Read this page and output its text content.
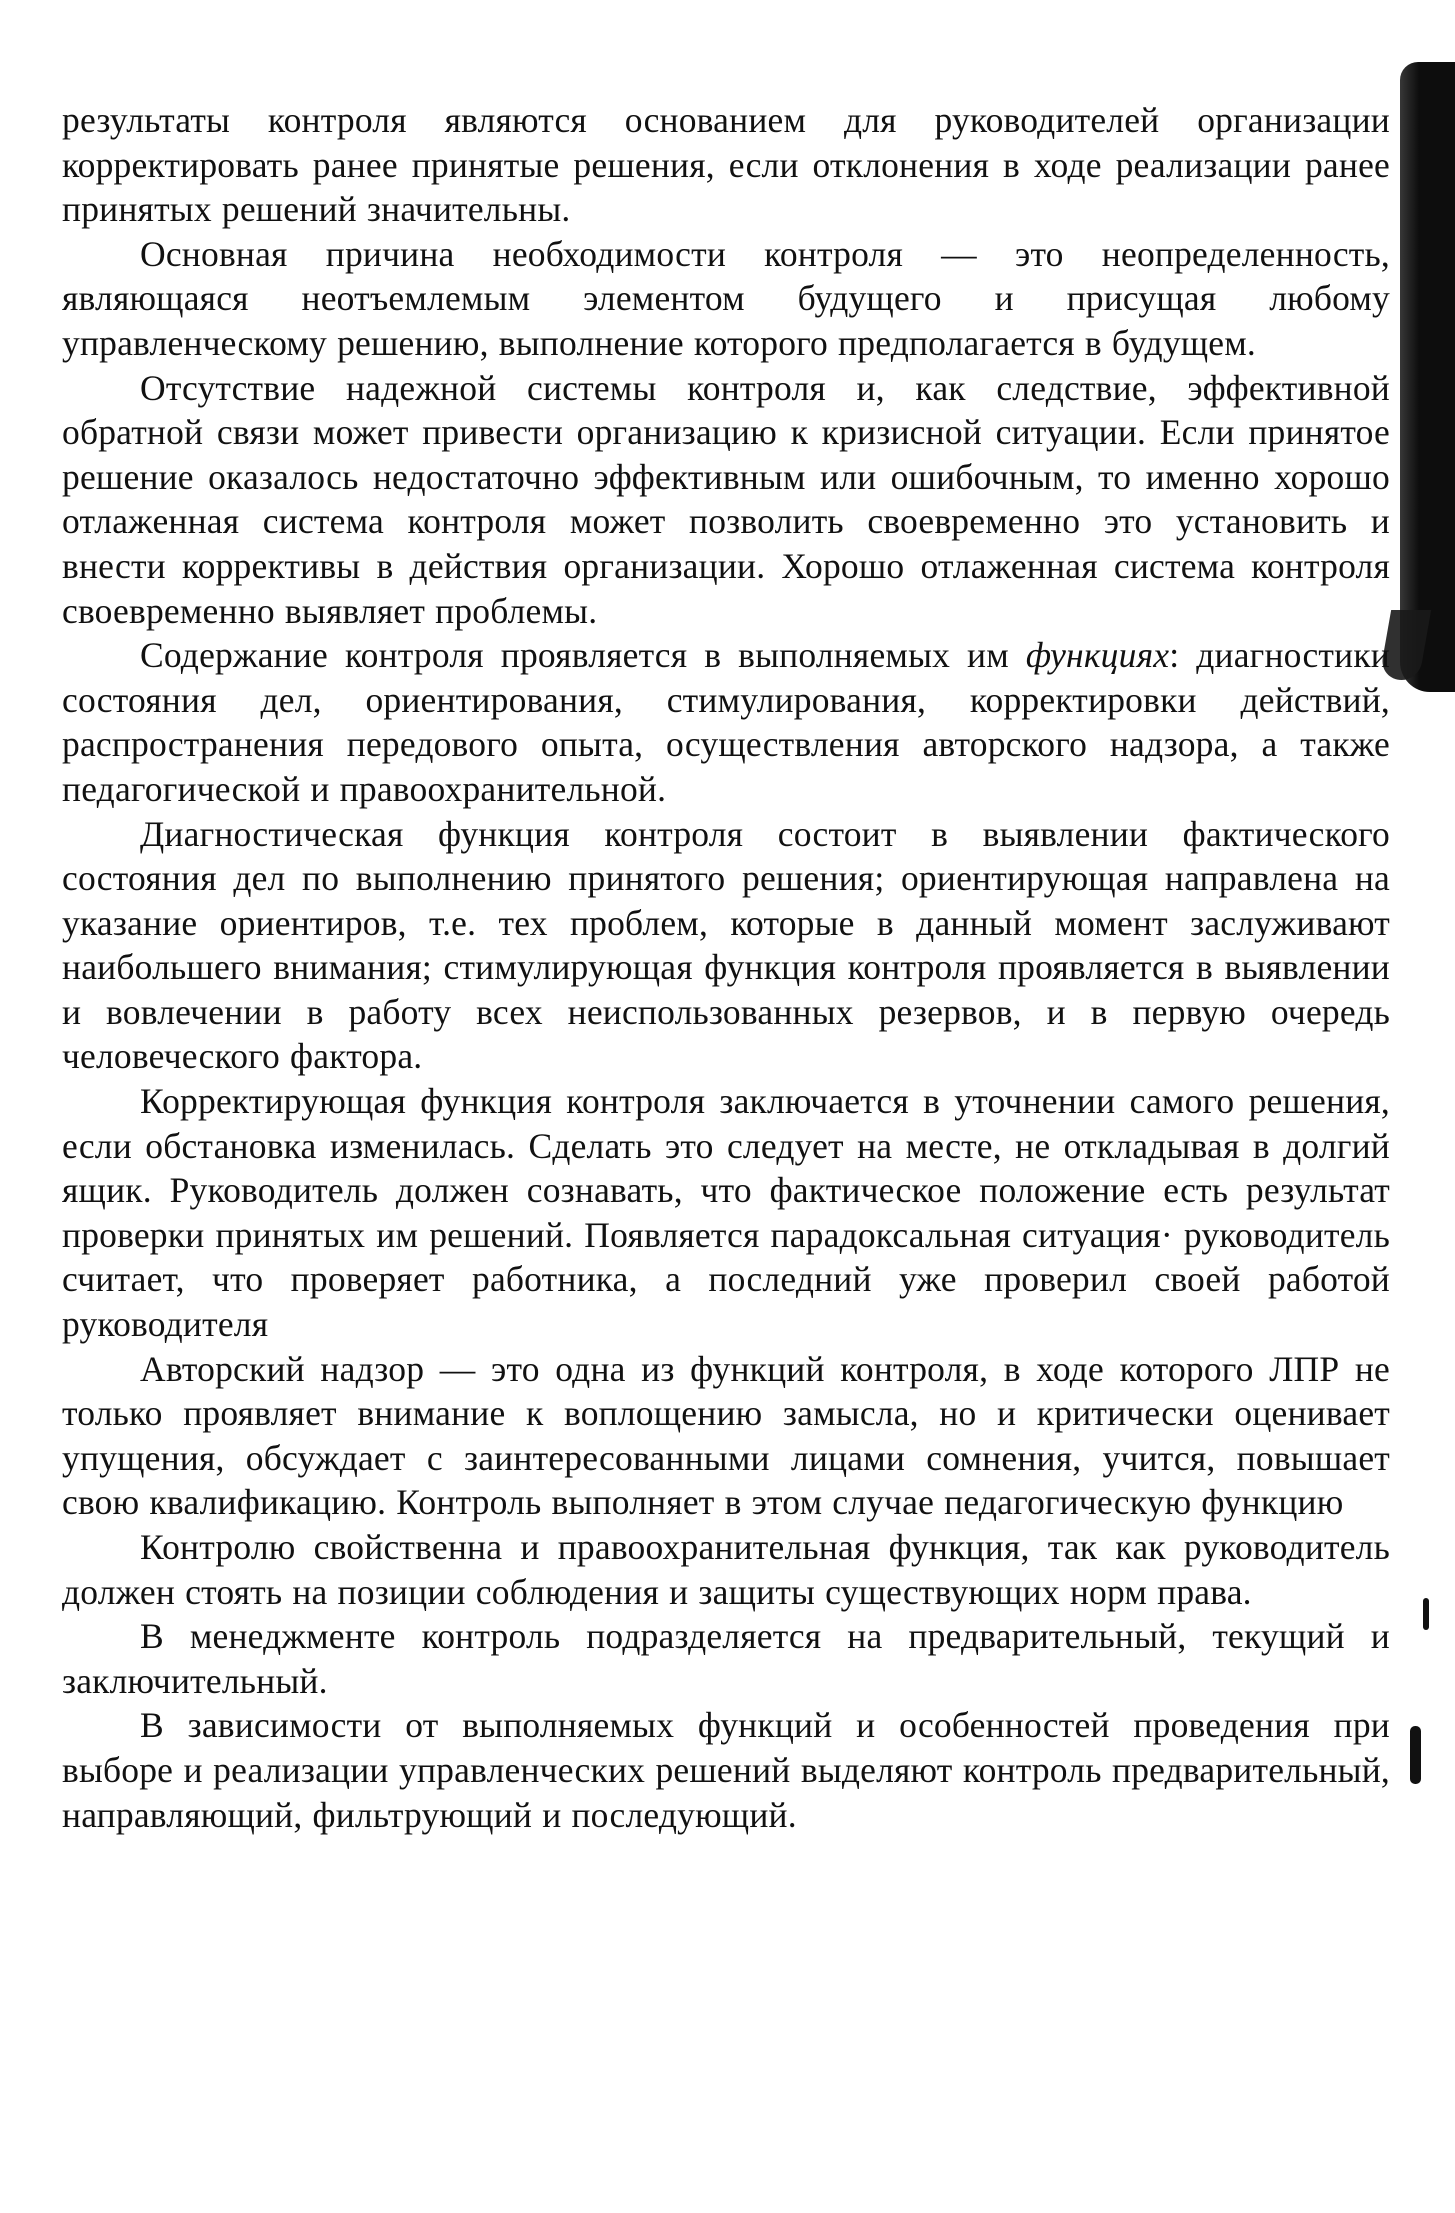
результаты контроля являются основанием для руководителей организации корректировать ранее принятые решения, если отклонения в ходе реализации ранее принятых решений значительны.

Основная причина необходимости контроля — это неопределенность, являющаяся неотъемлемым элементом будущего и присущая любому управленческому решению, выполнение которого предполагается в будущем.

Отсутствие надежной системы контроля и, как следствие, эффективной обратной связи может привести организацию к кризисной ситуации. Если принятое решение оказалось недостаточно эффективным или ошибочным, то именно хорошо отлаженная система контроля может позволить своевременно это установить и внести коррективы в действия организации. Хорошо отлаженная система контроля своевременно выявляет проблемы.

Содержание контроля проявляется в выполняемых им функциях: диагностики состояния дел, ориентирования, стимулирования, корректировки действий, распространения передового опыта, осуществления авторского надзора, а также педагогической и правоохранительной.

Диагностическая функция контроля состоит в выявлении фактического состояния дел по выполнению принятого решения; ориентирующая направлена на указание ориентиров, т.е. тех проблем, которые в данный момент заслуживают наибольшего внимания; стимулирующая функция контроля проявляется в выявлении и вовлечении в работу всех неиспользованных резервов, и в первую очередь человеческого фактора.

Корректирующая функция контроля заключается в уточнении самого решения, если обстановка изменилась. Сделать это следует на месте, не откладывая в долгий ящик. Руководитель должен сознавать, что фактическое положение есть результат проверки принятых им решений. Появляется парадоксальная ситуация· руководитель считает, что проверяет работника, а последний уже проверил своей работой руководителя

Авторский надзор — это одна из функций контроля, в ходе которого ЛПР не только проявляет внимание к воплощению замысла, но и критически оценивает упущения, обсуждает с заинтересованными лицами сомнения, учится, повышает свою квалификацию. Контроль выполняет в этом случае педагогическую функцию

Контролю свойственна и правоохранительная функция, так как руководитель должен стоять на позиции соблюдения и защиты существующих норм права.

В менеджменте контроль подразделяется на предварительный, текущий и заключительный.

В зависимости от выполняемых функций и особенностей проведения при выборе и реализации управленческих решений выделяют контроль предварительный, направляющий, фильтрующий и последующий.
